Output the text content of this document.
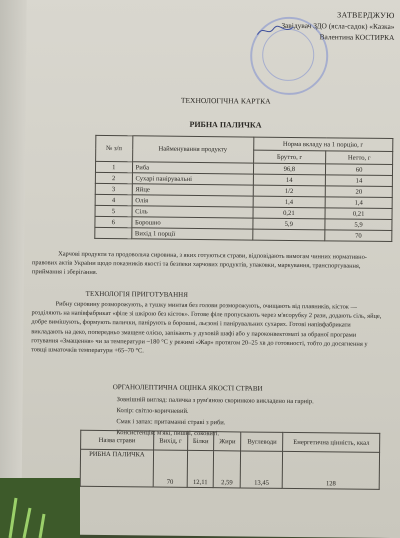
ЗАТВЕРДЖУЮ
Завідувач ЗДО (ясла-садок) «Казка»
Валентина КОСТИРКА
ТЕХНОЛОГІЧНА КАРТКА
РИБНА ПАЛИЧКА
№ з/п	Найменування продукту	Норма вкладу на 1 порцію, г	
		Брутто, г	Нетто, г
1	Риба	96,8	60
2	Сухарі панірувальні	14	14
3	Яйце	1/2	20
4	Олія	1,4	1,4
5	Сіль	0,21	0,21
6	Борошно	5,9	5,9
	Вихід 1 порції		70
Харчові продукти та продовольча сировина, з яких готуються страви, відповідають вимогам чинних нормативно-правових актів України щодо показників якості та безпеки харчових продуктів, упаковки, маркування, транспортування, приймання і зберігання.
ТЕХНОЛОГІЯ ПРИГОТУВАННЯ
Рибну сировину розморожують, а тушку минтая без голови розморожують, очищають від плавників, кісток — розділяють на напівфабрикат «філе зі шкірою без кісток». Готове філе пропускають через м'ясорубку 2 рази, додають сіль, яйце, добре вимішують, формують палички, панірують в борошні, льєзоні і панірувальних сухарях. Готові напівфабрикати викладають на деко, попередньо змащене олією, запікають у духовій шафі або у пароконвектоматі за обраної програми готування «Змащення» чи за температури ~180 °С у режимі «Жар» протягом 20–25 хв до готовності, тобто до досягнення у товщі шматочків температури +65–70 °С.
ОРГАНОЛЕПТИЧНА ОЦІНКА ЯКОСТІ СТРАВИ
Зовнішній вигляд: паличка з рум'яною скоринкою викладено на гарнір.
Колір: світло-коричневий.
Смак і запах: притаманні страві з риби.
Консистенція: м'які, пишні, соковиті.
Назва страви	Вихід, г	Білки	Жири	Вуглеводи	Енергетична цінність, ккал
РИБНА ПАЛИЧКА	70	12,11	2,59	13,45	128
